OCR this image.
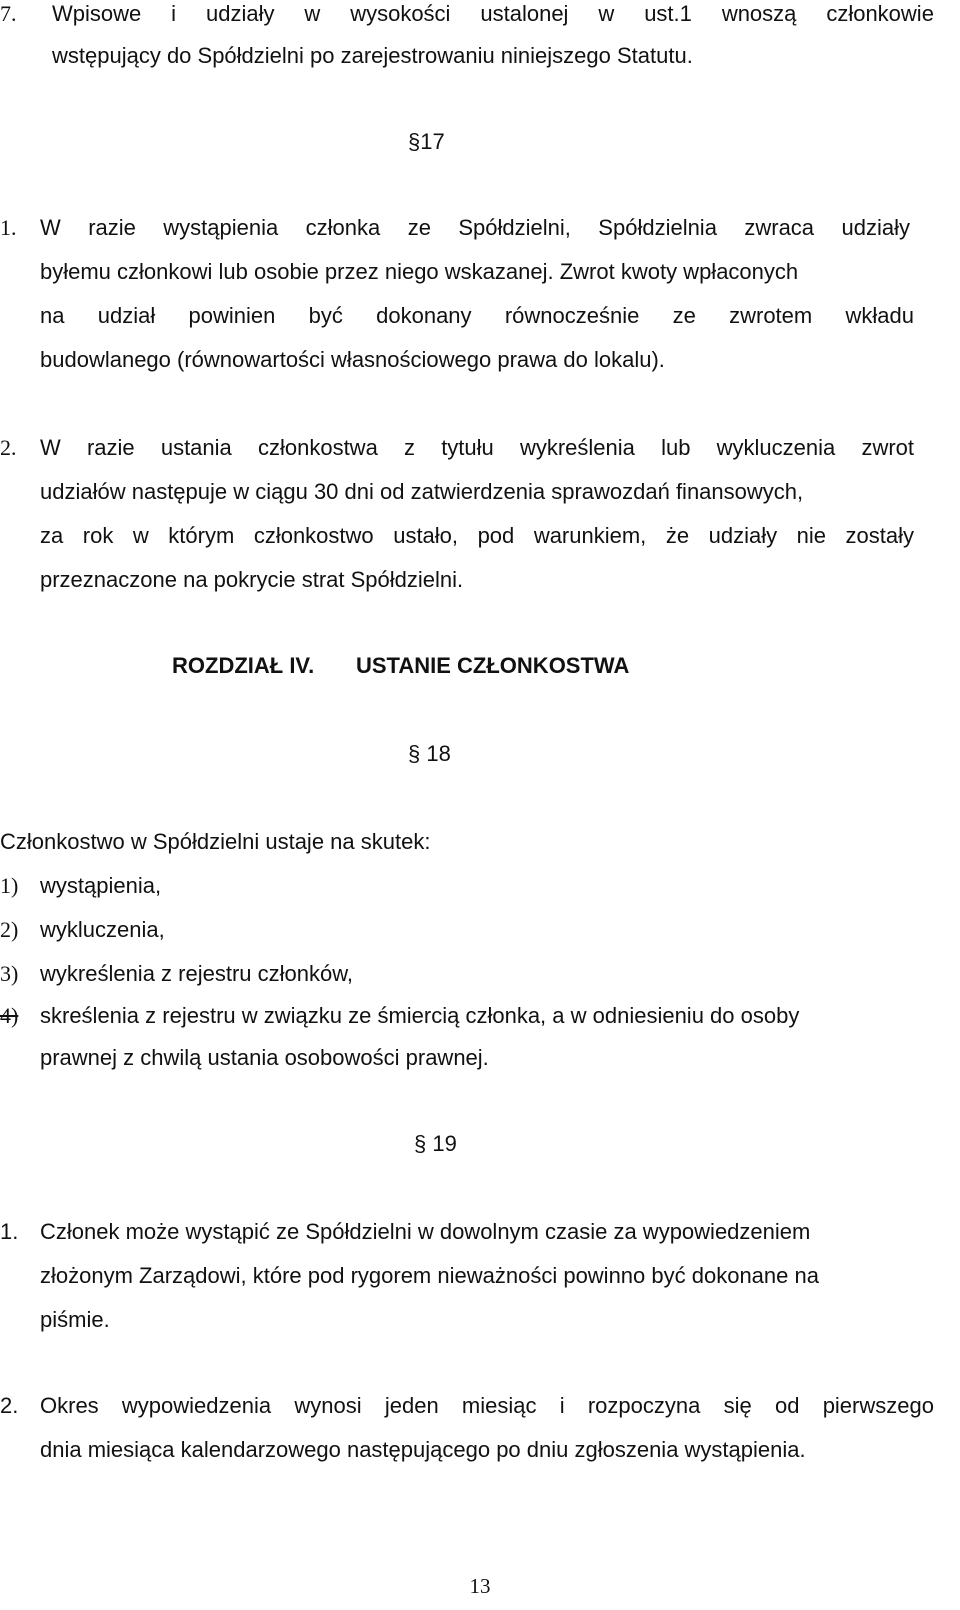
7. Wpisowe i udziały w wysokości ustalonej w ust.1 wnoszą członkowie
wstępujący do Spółdzielni po zarejestrowaniu niniejszego Statutu.
§17
1. W razie wystąpienia członka ze Spółdzielni, Spółdzielnia zwraca udziały
byłemu członkowi lub osobie przez niego wskazanej. Zwrot kwoty wpłaconych
na udział powinien być dokonany równocześnie ze zwrotem wkładu
budowlanego (równowartości własnościowego prawa do lokalu).
2. W razie ustania członkostwa z tytułu wykreślenia lub wykluczenia zwrot
udziałów następuje w ciągu 30 dni od zatwierdzenia sprawozdań finansowych,
za rok w którym członkostwo ustało, pod warunkiem, że udziały nie zostały
przeznaczone na pokrycie strat Spółdzielni.
ROZDZIAŁ IV. USTANIE CZŁONKOSTWA
§ 18
Członkostwo w Spółdzielni ustaje na skutek:
1) wystąpienia,
2) wykluczenia,
3) wykreślenia z rejestru członków,
4) skreślenia z rejestru w związku ze śmiercią członka, a w odniesieniu do osoby
prawnej z chwilą ustania osobowości prawnej.
§ 19
1. Członek może wystąpić ze Spółdzielni w dowolnym czasie za wypowiedzeniem
złożonym Zarządowi, które pod rygorem nieważności powinno być dokonane na
piśmie.
2. Okres wypowiedzenia wynosi jeden miesiąc i rozpoczyna się od pierwszego
dnia miesiąca kalendarzowego następującego po dniu zgłoszenia wystąpienia.
13
